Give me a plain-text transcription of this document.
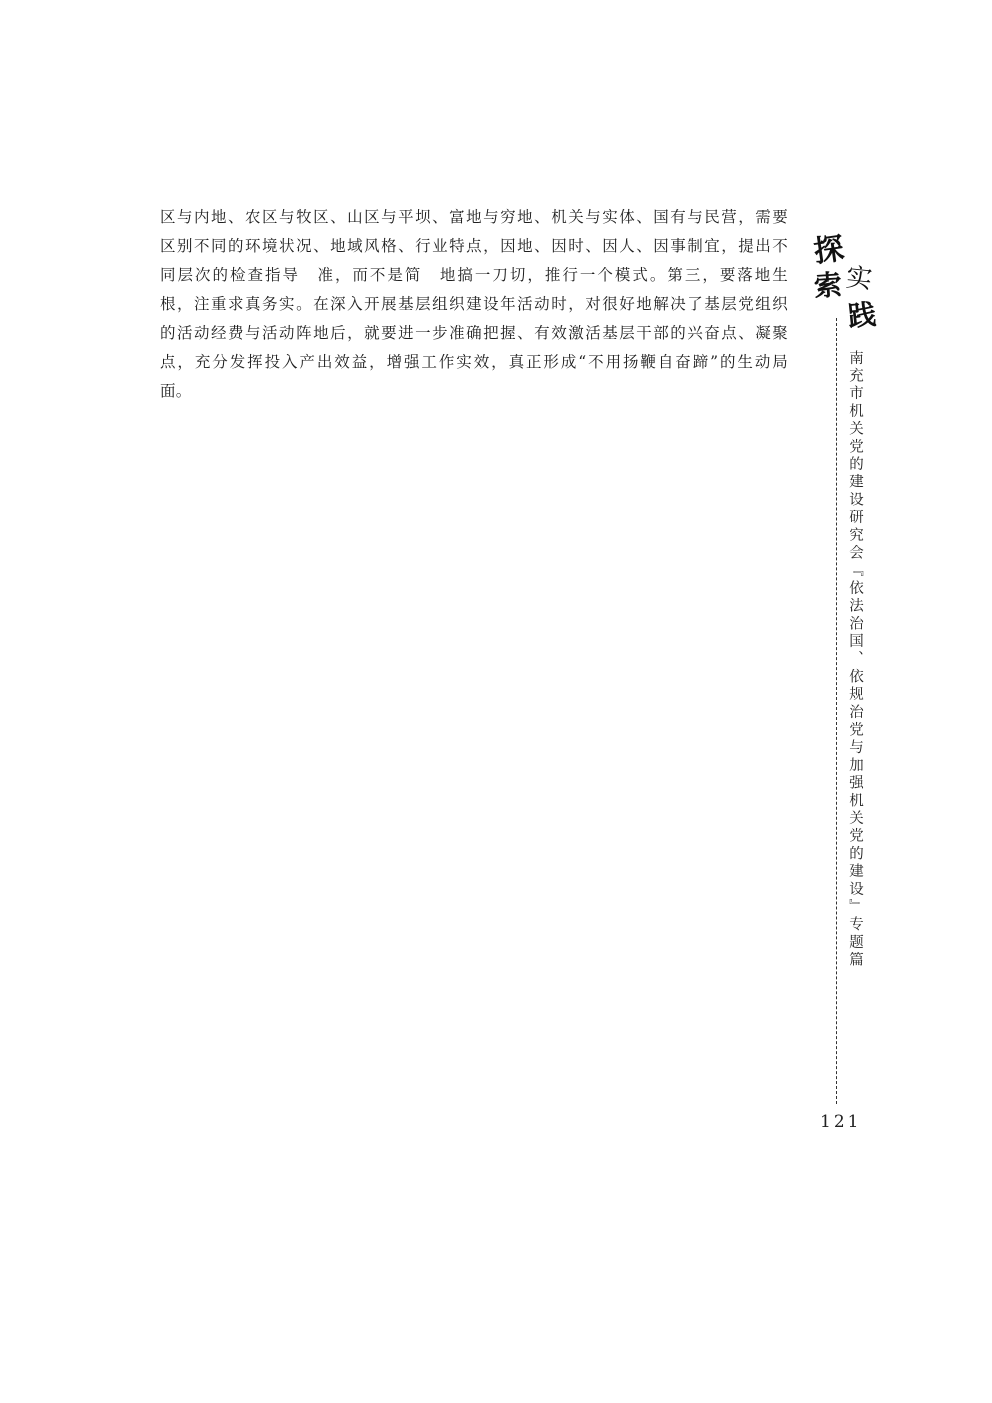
区与内地、农区与牧区、山区与平坝、富地与穷地、机关与实体、国有与民营，需要
区别不同的环境状况、地域风格、行业特点，因地、因时、因人、因事制宜，提出不
同层次的检查指导　准，而不是简　地搞一刀切，推行一个模式。第三，要落地生
根，注重求真务实。在深入开展基层组织建设年活动时，对很好地解决了基层党组织
的活动经费与活动阵地后，就要进一步准确把握、有效激活基层干部的兴奋点、凝聚
点，充分发挥投入产出效益，增强工作实效，真正形成“不用扬鞭自奋蹄”的生动局
面。
探
索 实
践
南充市机关党的建设研究会『依法治国、依规治党与加强机关党的建设』专题篇
121
